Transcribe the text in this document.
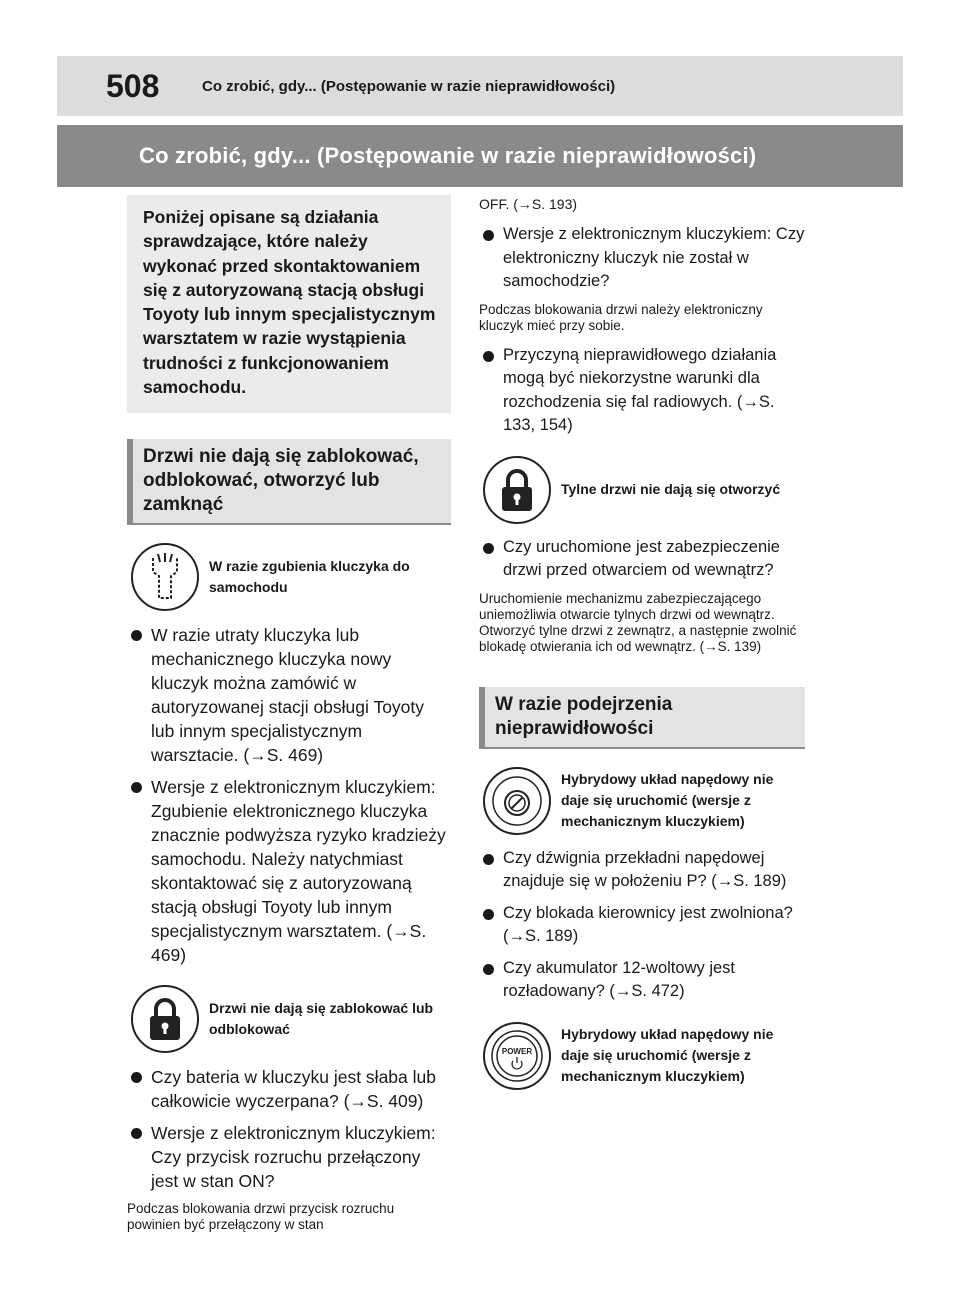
508	Co zrobić, gdy... (Postępowanie w razie nieprawidłowości)
Co zrobić, gdy... (Postępowanie w razie nieprawidłowości)
Poniżej opisane są działania sprawdzające, które należy wykonać przed skontaktowaniem się z autoryzowaną stacją obsługi Toyoty lub innym specjalistycznym warsztatem w razie wystąpienia trudności z funkcjonowaniem samochodu.
Drzwi nie dają się zablokować, odblokować, otworzyć lub zamknąć
W razie zgubienia kluczyka do samochodu
W razie utraty kluczyka lub mechanicznego kluczyka nowy kluczyk można zamówić w autoryzowanej stacji obsługi Toyoty lub innym specjalistycznym warsztacie. (→S. 469)
Wersje z elektronicznym kluczykiem: Zgubienie elektronicznego kluczyka znacznie podwyższa ryzyko kradzieży samochodu. Należy natychmiast skontaktować się z autoryzowaną stacją obsługi Toyoty lub innym specjalistycznym warsztatem. (→S. 469)
Drzwi nie dają się zablokować lub odblokować
Czy bateria w kluczyku jest słaba lub całkowicie wyczerpana? (→S. 409)
Wersje z elektronicznym kluczykiem: Czy przycisk rozruchu przełączony jest w stan ON?
Podczas blokowania drzwi przycisk rozruchu powinien być przełączony w stan
OFF. (→S. 193)
Wersje z elektronicznym kluczykiem: Czy elektroniczny kluczyk nie został w samochodzie?
Podczas blokowania drzwi należy elektroniczny kluczyk mieć przy sobie.
Przyczyną nieprawidłowego działania mogą być niekorzystne warunki dla rozchodzenia się fal radiowych. (→S. 133, 154)
Tylne drzwi nie dają się otworzyć
Czy uruchomione jest zabezpieczenie drzwi przed otwarciem od wewnątrz?
Uruchomienie mechanizmu zabezpieczającego uniemożliwia otwarcie tylnych drzwi od wewnątrz. Otworzyć tylne drzwi z zewnątrz, a następnie zwolnić blokadę otwierania ich od wewnątrz. (→S. 139)
W razie podejrzenia nieprawidłowości
Hybrydowy układ napędowy nie daje się uruchomić (wersje z mechanicznym kluczykiem)
Czy dźwignia przekładni napędowej znajduje się w położeniu P? (→S. 189)
Czy blokada kierownicy jest zwolniona? (→S. 189)
Czy akumulator 12-woltowy jest rozładowany? (→S. 472)
POWER
Hybrydowy układ napędowy nie daje się uruchomić (wersje z mechanicznym kluczykiem)
